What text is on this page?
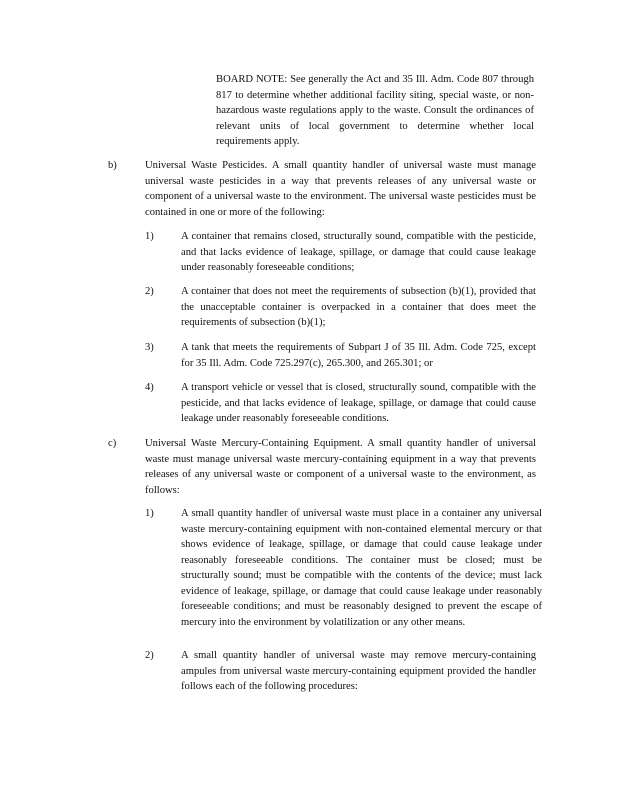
BOARD NOTE: See generally the Act and 35 Ill. Adm. Code 807 through 817 to determine whether additional facility siting, special waste, or non-hazardous waste regulations apply to the waste. Consult the ordinances of relevant units of local government to determine whether local requirements apply.

b)	Universal Waste Pesticides. A small quantity handler of universal waste must manage universal waste pesticides in a way that prevents releases of any universal waste or component of a universal waste to the environment. The universal waste pesticides must be contained in one or more of the following:

1)	A container that remains closed, structurally sound, compatible with the pesticide, and that lacks evidence of leakage, spillage, or damage that could cause leakage under reasonably foreseeable conditions;

2)	A container that does not meet the requirements of subsection (b)(1), provided that the unacceptable container is overpacked in a container that does meet the requirements of subsection (b)(1);

3)	A tank that meets the requirements of Subpart J of 35 Ill. Adm. Code 725, except for 35 Ill. Adm. Code 725.297(c), 265.300, and 265.301; or

4)	A transport vehicle or vessel that is closed, structurally sound, compatible with the pesticide, and that lacks evidence of leakage, spillage, or damage that could cause leakage under reasonably foreseeable conditions.

c)	Universal Waste Mercury-Containing Equipment. A small quantity handler of universal waste must manage universal waste mercury-containing equipment in a way that prevents releases of any universal waste or component of a universal waste to the environment, as follows:

1)	A small quantity handler of universal waste must place in a container any universal waste mercury-containing equipment with non-contained elemental mercury or that shows evidence of leakage, spillage, or damage that could cause leakage under reasonably foreseeable conditions. The container must be closed; must be structurally sound; must be compatible with the contents of the device; must lack evidence of leakage, spillage, or damage that could cause leakage under reasonably foreseeable conditions; and must be reasonably designed to prevent the escape of mercury into the environment by volatilization or any other means.

2)	A small quantity handler of universal waste may remove mercury-containing ampules from universal waste mercury-containing equipment provided the handler follows each of the following procedures:
